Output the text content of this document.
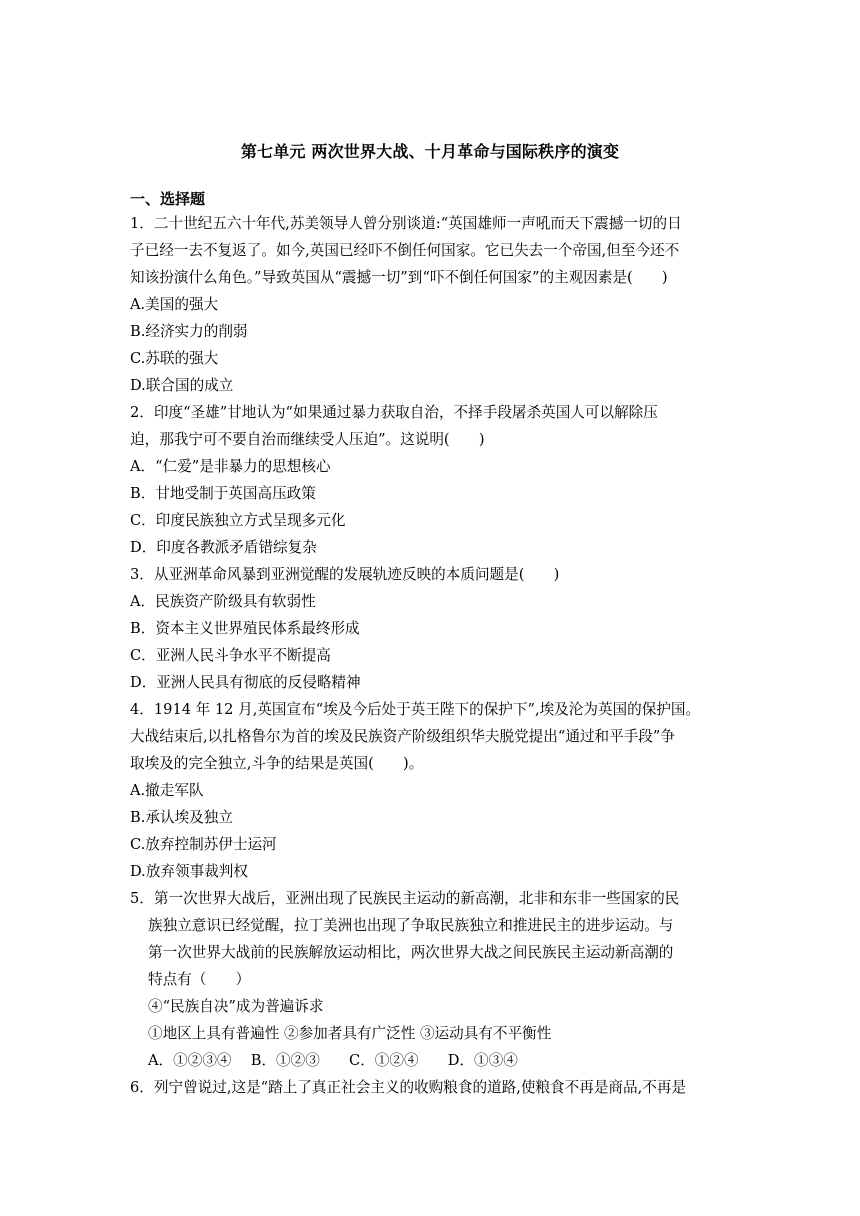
第七单元 两次世界大战、十月革命与国际秩序的演变
一、选择题
1．二十世纪五六十年代,苏美领导人曾分别谈道:“英国雄师一声吼而天下震撼一切的日
子已经一去不复返了。如今,英国已经吓不倒任何国家。它已失去一个帝国,但至今还不
知该扮演什么角色。”导致英国从“震撼一切”到“吓不倒任何国家”的主观因素是(　　)
A.美国的强大
B.经济实力的削弱
C.苏联的强大
D.联合国的成立
2．印度“圣雄”甘地认为“如果通过暴力获取自治，不择手段屠杀英国人可以解除压
迫，那我宁可不要自治而继续受人压迫”。这说明(　　)
A．“仁爱”是非暴力的思想核心
B．甘地受制于英国高压政策
C．印度民族独立方式呈现多元化
D．印度各教派矛盾错综复杂
3．从亚洲革命风暴到亚洲觉醒的发展轨迹反映的本质问题是(　　)
A．民族资产阶级具有软弱性
B．资本主义世界殖民体系最终形成
C．亚洲人民斗争水平不断提高
D．亚洲人民具有彻底的反侵略精神
4．1914 年 12 月,英国宣布“埃及今后处于英王陛下的保护下”,埃及沦为英国的保护国。
大战结束后,以扎格鲁尔为首的埃及民族资产阶级组织华夫脱党提出“通过和平手段”争
取埃及的完全独立,斗争的结果是英国(　　)。
A.撤走军队
B.承认埃及独立
C.放弃控制苏伊士运河
D.放弃领事裁判权
5．第一次世界大战后，亚洲出现了民族民主运动的新高潮，北非和东非一些国家的民
族独立意识已经觉醒，拉丁美洲也出现了争取民族独立和推进民主的进步运动。与
第一次世界大战前的民族解放运动相比，两次世界大战之间民族民主运动新高潮的
特点有（　　）
④“民族自决”成为普遍诉求
①地区上具有普遍性 ②参加者具有广泛性 ③运动具有不平衡性
A．①②③④　 B．①②③　　C．①②④　　D．①③④
6．列宁曾说过,这是“踏上了真正社会主义的收购粮食的道路,使粮食不再是商品,不再是
